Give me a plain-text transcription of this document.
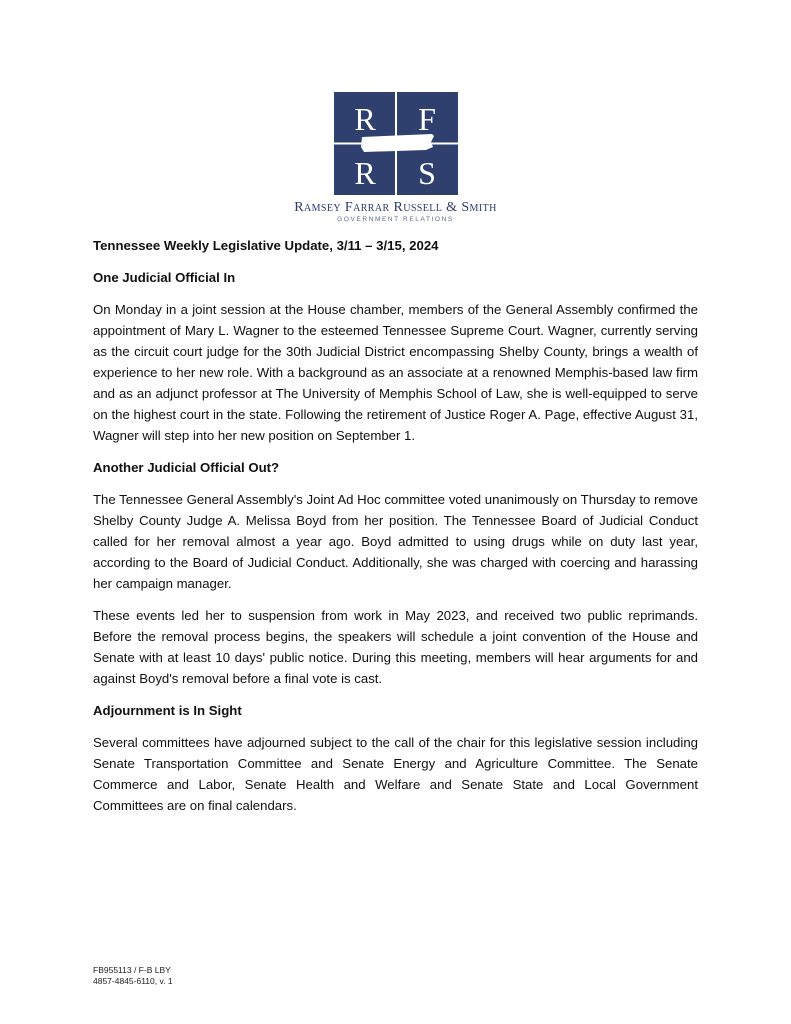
R F
R S
Ramsey Farrar Russell & Smith
GOVERNMENT RELATIONS
Tennessee Weekly Legislative Update, 3/11 – 3/15, 2024
One Judicial Official In

On Monday in a joint session at the House chamber, members of the General Assembly confirmed the appointment of Mary L. Wagner to the esteemed Tennessee Supreme Court. Wagner, currently serving as the circuit court judge for the 30th Judicial District encompassing Shelby County, brings a wealth of experience to her new role. With a background as an associate at a renowned Memphis-based law firm and as an adjunct professor at The University of Memphis School of Law, she is well-equipped to serve on the highest court in the state. Following the retirement of Justice Roger A. Page, effective August 31, Wagner will step into her new position on September 1.

Another Judicial Official Out?

The Tennessee General Assembly's Joint Ad Hoc committee voted unanimously on Thursday to remove Shelby County Judge A. Melissa Boyd from her position. The Tennessee Board of Judicial Conduct called for her removal almost a year ago. Boyd admitted to using drugs while on duty last year, according to the Board of Judicial Conduct. Additionally, she was charged with coercing and harassing her campaign manager.

These events led her to suspension from work in May 2023, and received two public reprimands. Before the removal process begins, the speakers will schedule a joint convention of the House and Senate with at least 10 days' public notice. During this meeting, members will hear arguments for and against Boyd's removal before a final vote is cast.

Adjournment is In Sight

Several committees have adjourned subject to the call of the chair for this legislative session including Senate Transportation Committee and Senate Energy and Agriculture Committee. The Senate Commerce and Labor, Senate Health and Welfare and Senate State and Local Government Committees are on final calendars.

FB955113 / F-B LBY
4857-4845-6110, v. 1
